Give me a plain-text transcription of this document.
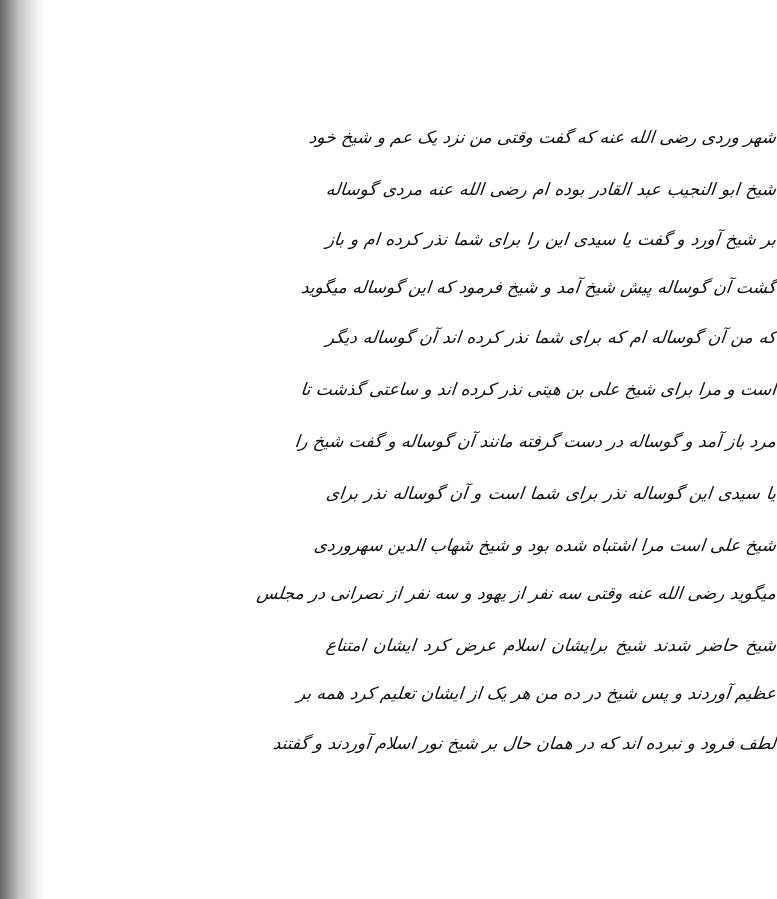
شهر وردی رضی الله عنه که گفت وقتی من نزد یک عم و شیخ خود
شیخ ابو النجیب عبد القادر بوده ام رضی الله عنه مردی گوساله
بر شیخ آورد و گفت یا سیدی این را برای شما نذر کرده ام و باز
گشت آن گوساله پیش شیخ آمد و شیخ فرمود که این گوساله میگوید
که من آن گوساله ام که برای شما نذر کرده اند آن گوساله دیگر
است و مرا برای شیخ علی بن هیتی نذر کرده اند و ساعتی گذشت تا
مرد باز آمد و گوساله در دست گرفته مانند آن گوساله و گفت شیخ را
یا سیدی این گوساله نذر برای شما است و آن گوساله نذر برای
شیخ علی است مرا اشتباه شده بود و شیخ شهاب الدین سهروردی
میگوید رضی الله عنه وقتی سه نفر از یهود و سه نفر از نصرانی در مجلس
شیخ حاضر شدند شیخ برایشان اسلام عرض کرد ایشان امتناع
عظیم آوردند و پس شیخ در ده من هر یک از ایشان تعلیم کرد همه بر
لطف فرود و نبرده اند که در همان حال بر شیخ نور اسلام آوردند و گفتند
